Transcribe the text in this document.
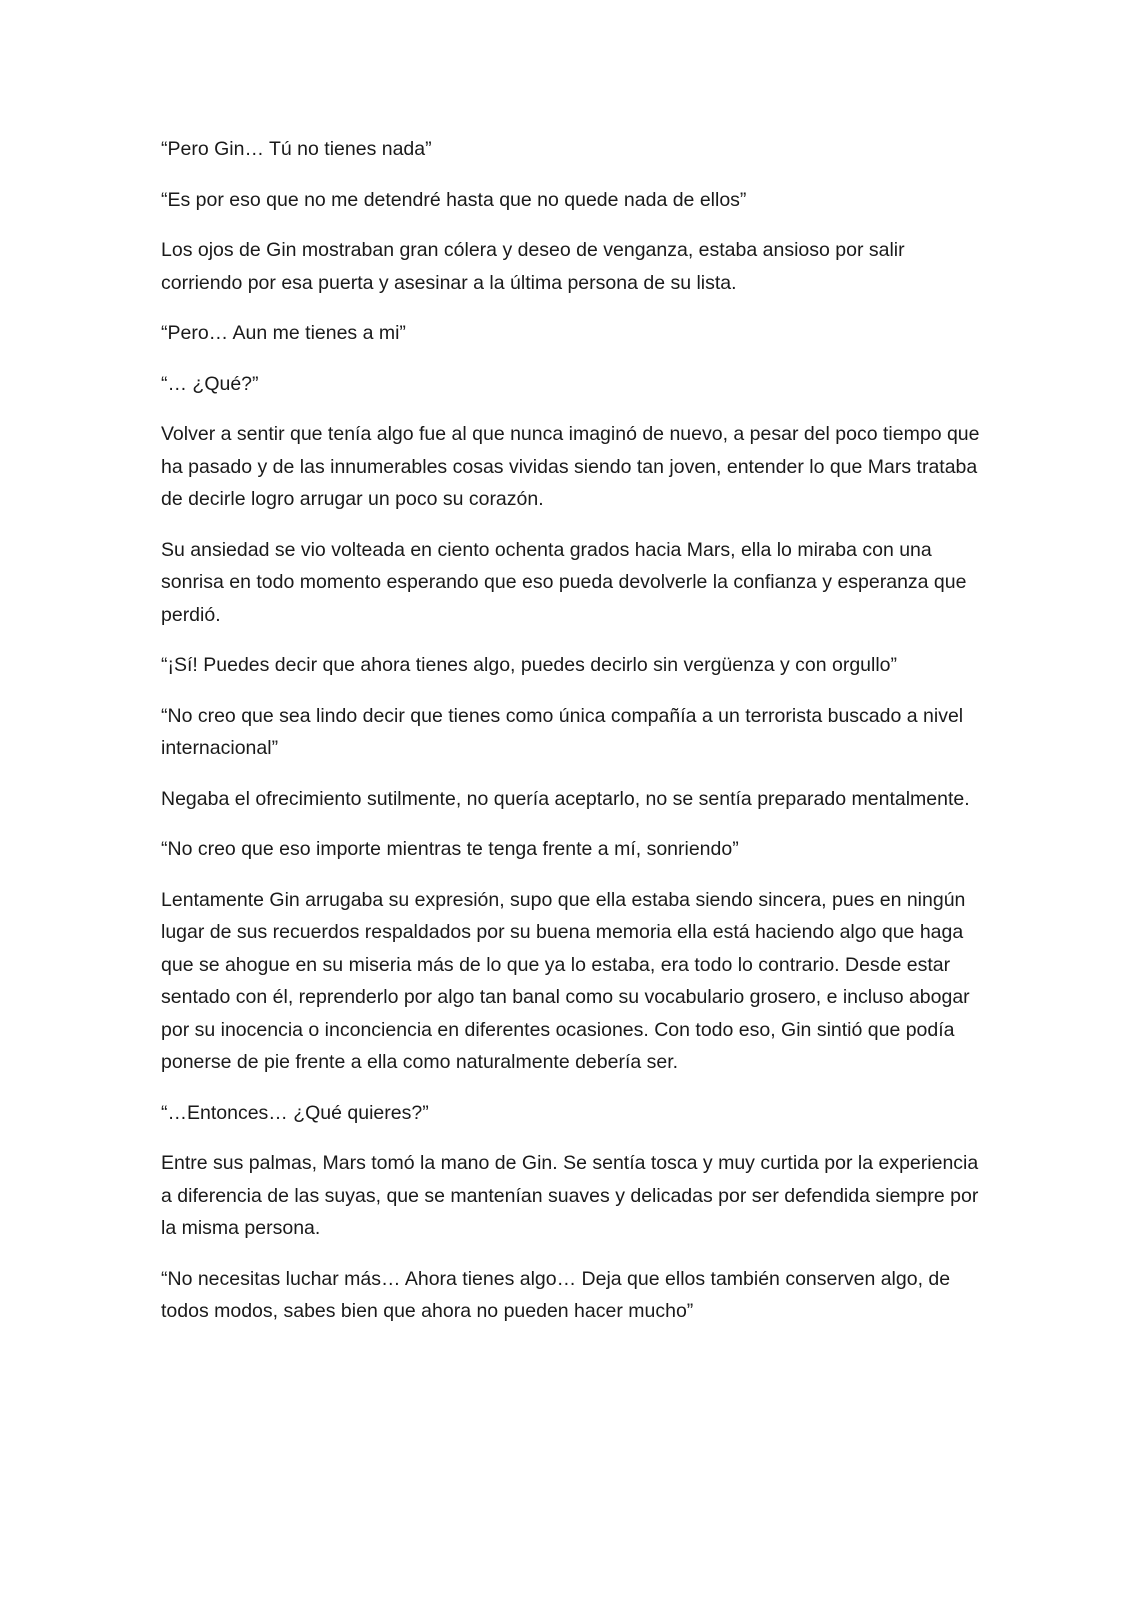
“Pero Gin… Tú no tienes nada”

“Es por eso que no me detendré hasta que no quede nada de ellos”

Los ojos de Gin mostraban gran cólera y deseo de venganza, estaba ansioso por salir corriendo por esa puerta y asesinar a la última persona de su lista.

“Pero… Aun me tienes a mi”

“… ¿Qué?”

Volver a sentir que tenía algo fue al que nunca imaginó de nuevo, a pesar del poco tiempo que ha pasado y de las innumerables cosas vividas siendo tan joven, entender lo que Mars trataba de decirle logro arrugar un poco su corazón.

Su ansiedad se vio volteada en ciento ochenta grados hacia Mars, ella lo miraba con una sonrisa en todo momento esperando que eso pueda devolverle la confianza y esperanza que perdió.

“¡Sí! Puedes decir que ahora tienes algo, puedes decirlo sin vergüenza y con orgullo”

“No creo que sea lindo decir que tienes como única compañía a un terrorista buscado a nivel internacional”

Negaba el ofrecimiento sutilmente, no quería aceptarlo, no se sentía preparado mentalmente.

“No creo que eso importe mientras te tenga frente a mí, sonriendo”

Lentamente Gin arrugaba su expresión, supo que ella estaba siendo sincera, pues en ningún lugar de sus recuerdos respaldados por su buena memoria ella está haciendo algo que haga que se ahogue en su miseria más de lo que ya lo estaba, era todo lo contrario. Desde estar sentado con él, reprenderlo por algo tan banal como su vocabulario grosero, e incluso abogar por su inocencia o inconciencia en diferentes ocasiones. Con todo eso, Gin sintió que podía ponerse de pie frente a ella como naturalmente debería ser.

“…Entonces… ¿Qué quieres?”

Entre sus palmas, Mars tomó la mano de Gin. Se sentía tosca y muy curtida por la experiencia a diferencia de las suyas, que se mantenían suaves y delicadas por ser defendida siempre por la misma persona.

“No necesitas luchar más… Ahora tienes algo… Deja que ellos también conserven algo, de todos modos, sabes bien que ahora no pueden hacer mucho”
